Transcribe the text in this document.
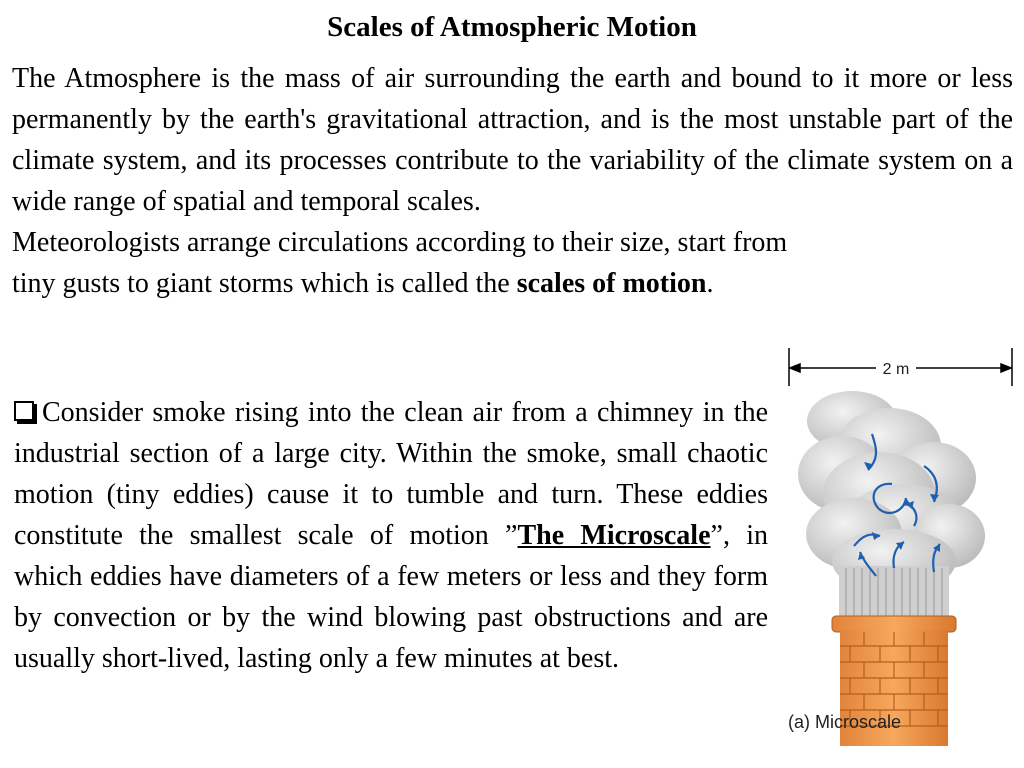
Scales of Atmospheric Motion

The Atmosphere is the mass of air surrounding the earth and bound to it more or less permanently by the earth's gravitational attraction, and is the most unstable part of the climate system, and its processes contribute to the variability of the climate system on a wide range of spatial and temporal scales.

Meteorologists arrange circulations according to their size, start from
tiny gusts to giant storms which is called the scales of motion.

Consider smoke rising into the clean air from a chimney in the industrial section of a large city. Within the smoke, small chaotic motion (tiny eddies) cause it to tumble and turn. These eddies constitute the smallest scale of motion ”The Microscale”, in which eddies have diameters of a few meters or less and they form by convection or by the wind blowing past obstructions and are usually short-lived, lasting only a few minutes at best.
2 m
(a) Microscale
